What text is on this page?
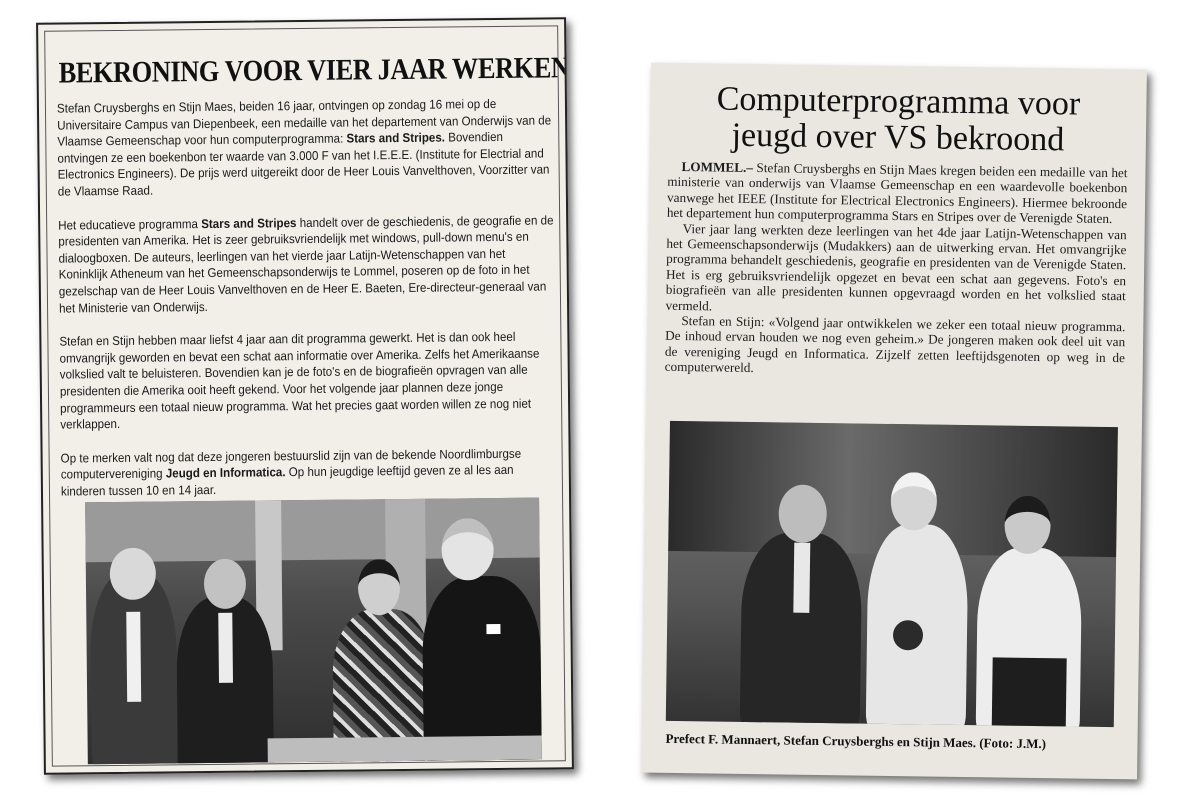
BEKRONING VOOR VIER JAAR WERKEN

Stefan Cruysberghs en Stijn Maes, beiden 16 jaar, ontvingen op zondag 16 mei op de Universitaire Campus van Diepenbeek, een medaille van het departement van Onderwijs van de Vlaamse Gemeenschap voor hun computerprogramma: Stars and Stripes. Bovendien ontvingen ze een boekenbon ter waarde van 3.000 F van het I.E.E.E. (Institute for Electrial and Electronics Engineers). De prijs werd uitgereikt door de Heer Louis Vanvelthoven, Voorzitter van de Vlaamse Raad.

Het educatieve programma Stars and Stripes handelt over de geschiedenis, de geografie en de presidenten van Amerika. Het is zeer gebruiksvriendelijk met windows, pull-down menu's en dialoogboxen. De auteurs, leerlingen van het vierde jaar Latijn-Wetenschappen van het Koninklijk Atheneum van het Gemeenschapsonderwijs te Lommel, poseren op de foto in het gezelschap van de Heer Louis Vanvelthoven en de Heer E. Baeten, Ere-directeur-generaal van het Ministerie van Onderwijs.

Stefan en Stijn hebben maar liefst 4 jaar aan dit programma gewerkt. Het is dan ook heel omvangrijk geworden en bevat een schat aan informatie over Amerika. Zelfs het Amerikaanse volkslied valt te beluisteren. Bovendien kan je de foto's en de biografieën opvragen van alle presidenten die Amerika ooit heeft gekend. Voor het volgende jaar plannen deze jonge programmeurs een totaal nieuw programma. Wat het precies gaat worden willen ze nog niet verklappen.

Op te merken valt nog dat deze jongeren bestuurslid zijn van de bekende Noordlimburgse computervereniging Jeugd en Informatica. Op hun jeugdige leeftijd geven ze al les aan kinderen tussen 10 en 14 jaar.

Computerprogramma voor
jeugd over VS bekroond

LOMMEL.– Stefan Cruysberghs en Stijn Maes kregen beiden een medaille van het ministerie van onderwijs van Vlaamse Gemeenschap en een waardevolle boekenbon vanwege het IEEE (Institute for Electrical Electronics Engineers). Hiermee bekroonde het departement hun computerprogramma Stars en Stripes over de Verenigde Staten.

Vier jaar lang werkten deze leerlingen van het 4de jaar Latijn-Wetenschappen van het Gemeenschapsonderwijs (Mudakkers) aan de uitwerking ervan. Het omvangrijke programma behandelt geschiedenis, geografie en presidenten van de Verenigde Staten. Het is erg gebruiksvriendelijk opgezet en bevat een schat aan gegevens. Foto's en biografieën van alle presidenten kunnen opgevraagd worden en het volkslied staat vermeld.

Stefan en Stijn: «Volgend jaar ontwikkelen we zeker een totaal nieuw programma. De inhoud ervan houden we nog even geheim.» De jongeren maken ook deel uit van de vereniging Jeugd en Informatica. Zijzelf zetten leeftijdsgenoten op weg in de computerwereld.

Prefect F. Mannaert, Stefan Cruysberghs en Stijn Maes. (Foto: J.M.)
